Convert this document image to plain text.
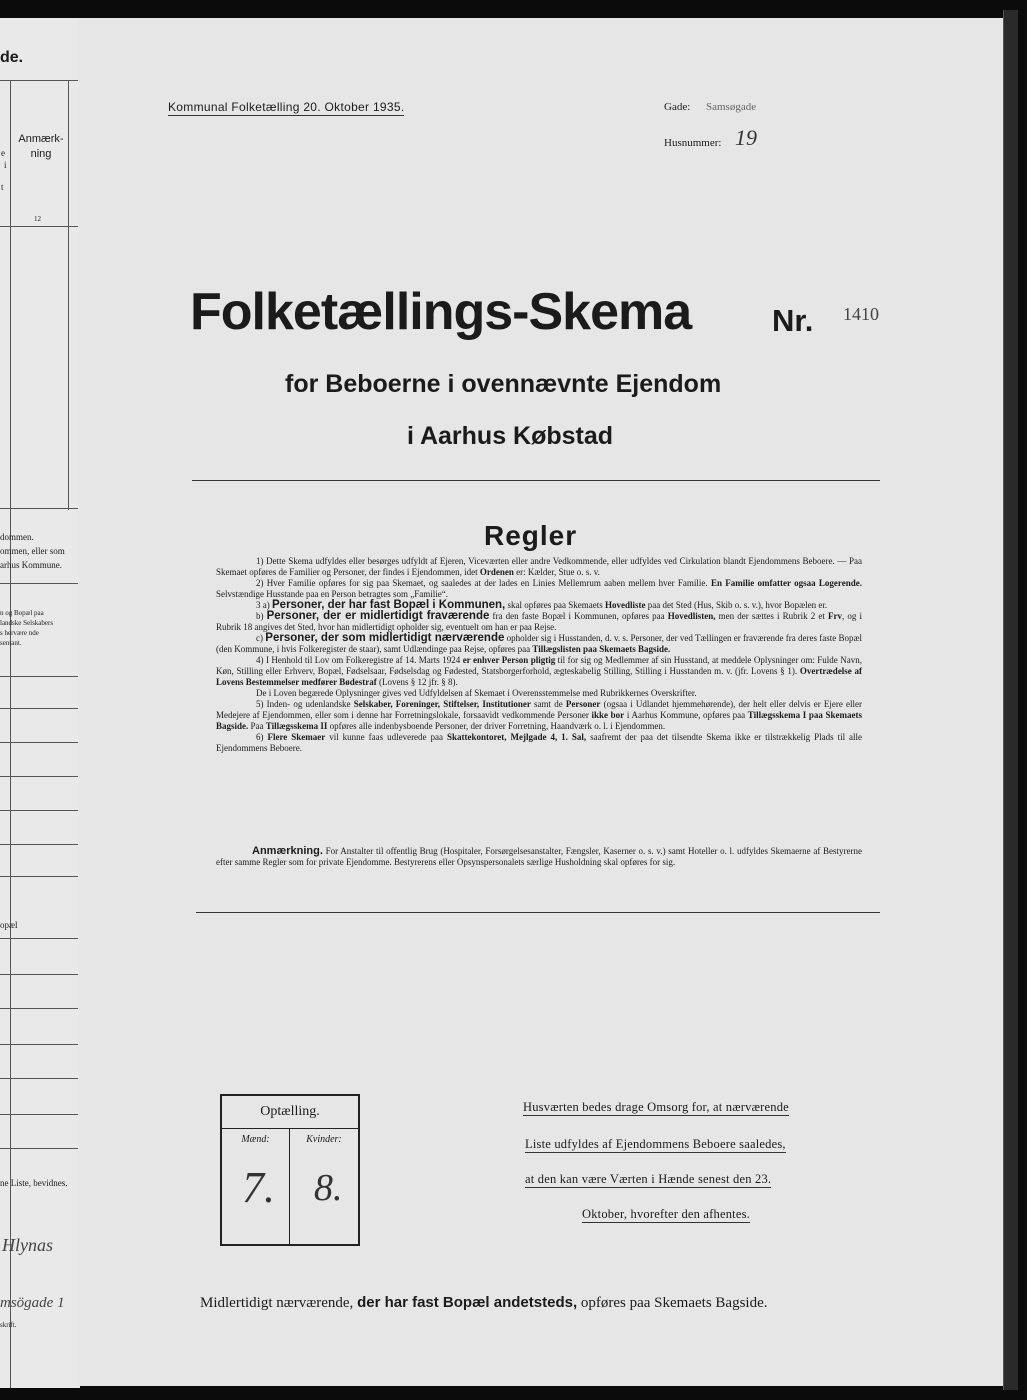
de.
e
i
t
Anmærk-
ning
12
dommen.
ommen, eller som
arhus Kommune.
n og Bopæl paa
landske Selskabers
s hervære nde
sentant.
opæl
ne Liste, bevidnes.
Hlynas
msögade 1
skrift.
Kommunal Folketælling 20. Oktober 1935.	Gade: Samsøgade
Husnummer: 19
Folketællings-Skema	Nr. 1410
for Beboerne i ovennævnte Ejendom
i Aarhus Købstad
Regler

1) Dette Skema udfyldes eller besørges udfyldt af Ejeren, Viceværten eller andre Vedkommende, eller udfyldes ved Cirkulation blandt Ejendommens Beboere. — Paa Skemaet opføres de Familier og Personer, der findes i Ejendommen, idet Ordenen er: Kælder, Stue o. s. v.

2) Hver Familie opføres for sig paa Skemaet, og saaledes at der lades en Linies Mellemrum aaben mellem hver Familie. En Familie omfatter ogsaa Logerende. Selvstændige Husstande paa en Person betragtes som „Familie“.

3 a) Personer, der har fast Bopæl i Kommunen, skal opføres paa Skemaets Hovedliste paa det Sted (Hus, Skib o. s. v.), hvor Bopælen er.

b) Personer, der er midlertidigt fraværende fra den faste Bopæl i Kommunen, opføres paa Hovedlisten, men der sættes i Rubrik 2 et Frv, og i Rubrik 18 angives det Sted, hvor han midlertidigt opholder sig, eventuelt om han er paa Rejse.

c) Personer, der som midlertidigt nærværende opholder sig i Husstanden, d. v. s. Personer, der ved Tællingen er fraværende fra deres faste Bopæl (den Kommune, i hvis Folkeregister de staar), samt Udlændinge paa Rejse, opføres paa Tillægslisten paa Skemaets Bagside.

4) I Henhold til Lov om Folkeregistre af 14. Marts 1924 er enhver Person pligtig til for sig og Medlemmer af sin Husstand, at meddele Oplysninger om: Fulde Navn, Køn, Stilling eller Erhverv, Bopæl, Fødselsaar, Fødselsdag og Fødested, Statsborgerforhold, ægteskabelig Stilling, Stilling i Husstanden m. v. (jfr. Lovens § 1). Overtrædelse af Lovens Bestemmelser medfører Bødestraf (Lovens § 12 jfr. § 8).

De i Loven begærede Oplysninger gives ved Udfyldelsen af Skemaet i Overensstemmelse med Rubrikkernes Overskrifter.

5) Inden- og udenlandske Selskaber, Foreninger, Stiftelser, Institutioner samt de Personer (ogsaa i Udlandet hjemmehørende), der helt eller delvis er Ejere eller Medejere af Ejendommen, eller som i denne har Forretningslokale, forsaavidt vedkommende Personer ikke bor i Aarhus Kommune, opføres paa Tillægsskema I paa Skemaets Bagside. Paa Tillægsskema II opføres alle indenbysboende Personer, der driver Forretning, Haandværk o. l. i Ejendommen.

6) Flere Skemaer vil kunne faas udleverede paa Skattekontoret, Mejlgade 4, 1. Sal, saafremt der paa det tilsendte Skema ikke er tilstrækkelig Plads til alle Ejendommens Beboere.

Anmærkning. For Anstalter til offentlig Brug (Hospitaler, Forsørgelsesanstalter, Fængsler, Kaserner o. s. v.) samt Hoteller o. l. udfyldes Skemaerne af Bestyrerne efter samme Regler som for private Ejendomme. Bestyrerens eller Opsynspersonalets særlige Husholdning skal opføres for sig.

Optælling.
Mænd:	Kvinder:
7. 8.
Husværten bedes drage Omsorg for, at nærværende
Liste udfyldes af Ejendommens Beboere saaledes,
at den kan være Værten i Hænde senest den 23.
Oktober, hvorefter den afhentes.
Midlertidigt nærværende, der har fast Bopæl andetsteds, opføres paa Skemaets Bagside.
